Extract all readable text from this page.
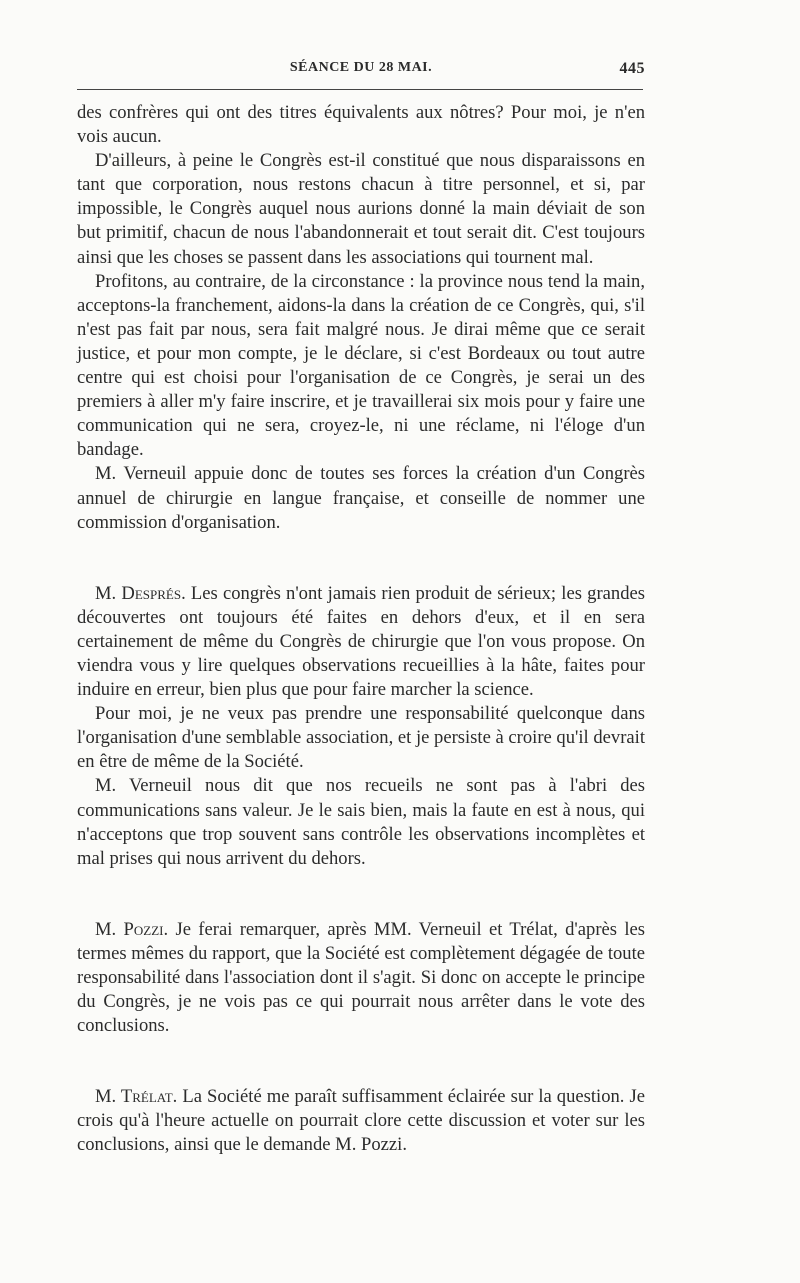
SÉANCE DU 28 MAI.	445

des confrères qui ont des titres équivalents aux nôtres? Pour moi, je n'en vois aucun.

D'ailleurs, à peine le Congrès est-il constitué que nous disparaissons en tant que corporation, nous restons chacun à titre personnel, et si, par impossible, le Congrès auquel nous aurions donné la main déviait de son but primitif, chacun de nous l'abandonnerait et tout serait dit. C'est toujours ainsi que les choses se passent dans les associations qui tournent mal.

Profitons, au contraire, de la circonstance : la province nous tend la main, acceptons-la franchement, aidons-la dans la création de ce Congrès, qui, s'il n'est pas fait par nous, sera fait malgré nous. Je dirai même que ce serait justice, et pour mon compte, je le déclare, si c'est Bordeaux ou tout autre centre qui est choisi pour l'organisation de ce Congrès, je serai un des premiers à aller m'y faire inscrire, et je travaillerai six mois pour y faire une communication qui ne sera, croyez-le, ni une réclame, ni l'éloge d'un bandage.

M. Verneuil appuie donc de toutes ses forces la création d'un Congrès annuel de chirurgie en langue française, et conseille de nommer une commission d'organisation.

M. Després. Les congrès n'ont jamais rien produit de sérieux; les grandes découvertes ont toujours été faites en dehors d'eux, et il en sera certainement de même du Congrès de chirurgie que l'on vous propose. On viendra vous y lire quelques observations recueillies à la hâte, faites pour induire en erreur, bien plus que pour faire marcher la science.

Pour moi, je ne veux pas prendre une responsabilité quelconque dans l'organisation d'une semblable association, et je persiste à croire qu'il devrait en être de même de la Société.

M. Verneuil nous dit que nos recueils ne sont pas à l'abri des communications sans valeur. Je le sais bien, mais la faute en est à nous, qui n'acceptons que trop souvent sans contrôle les observations incomplètes et mal prises qui nous arrivent du dehors.

M. Pozzi. Je ferai remarquer, après MM. Verneuil et Trélat, d'après les termes mêmes du rapport, que la Société est complètement dégagée de toute responsabilité dans l'association dont il s'agit. Si donc on accepte le principe du Congrès, je ne vois pas ce qui pourrait nous arrêter dans le vote des conclusions.

M. Trélat. La Société me paraît suffisamment éclairée sur la question. Je crois qu'à l'heure actuelle on pourrait clore cette discussion et voter sur les conclusions, ainsi que le demande M. Pozzi.
